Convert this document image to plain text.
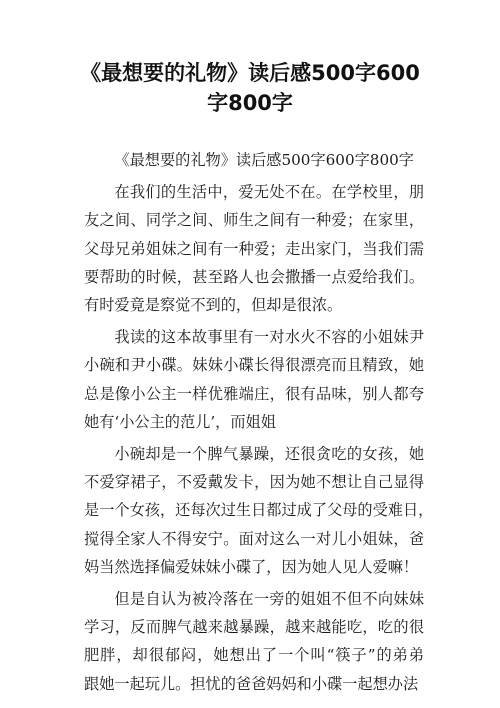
《最想要的礼物》读后感500字600
字800字
《最想要的礼物》读后感500字600字800字
在我们的生活中，爱无处不在。在学校里，朋
友之间、同学之间、师生之间有一种爱；在家里，
父母兄弟姐妹之间有一种爱；走出家门，当我们需
要帮助的时候，甚至路人也会撒播一点爱给我们。
有时爱竟是察觉不到的，但却是很浓。
我读的这本故事里有一对水火不容的小姐妹尹
小碗和尹小碟。妹妹小碟长得很漂亮而且精致，她
总是像小公主一样优雅端庄，很有品味，别人都夸
她有‘小公主的范儿’，而姐姐
小碗却是一个脾气暴躁，还很贪吃的女孩，她
不爱穿裙子，不爱戴发卡，因为她不想让自己显得
是一个女孩，还每次过生日都过成了父母的受难日，
搅得全家人不得安宁。面对这么一对儿小姐妹，爸
妈当然选择偏爱妹妹小碟了，因为她人见人爱嘛！
但是自认为被冷落在一旁的姐姐不但不向妹妹
学习，反而脾气越来越暴躁，越来越能吃，吃的很
肥胖，却很郁闷，她想出了一个叫“筷子”的弟弟
跟她一起玩儿。担忧的爸爸妈妈和小碟一起想办法
